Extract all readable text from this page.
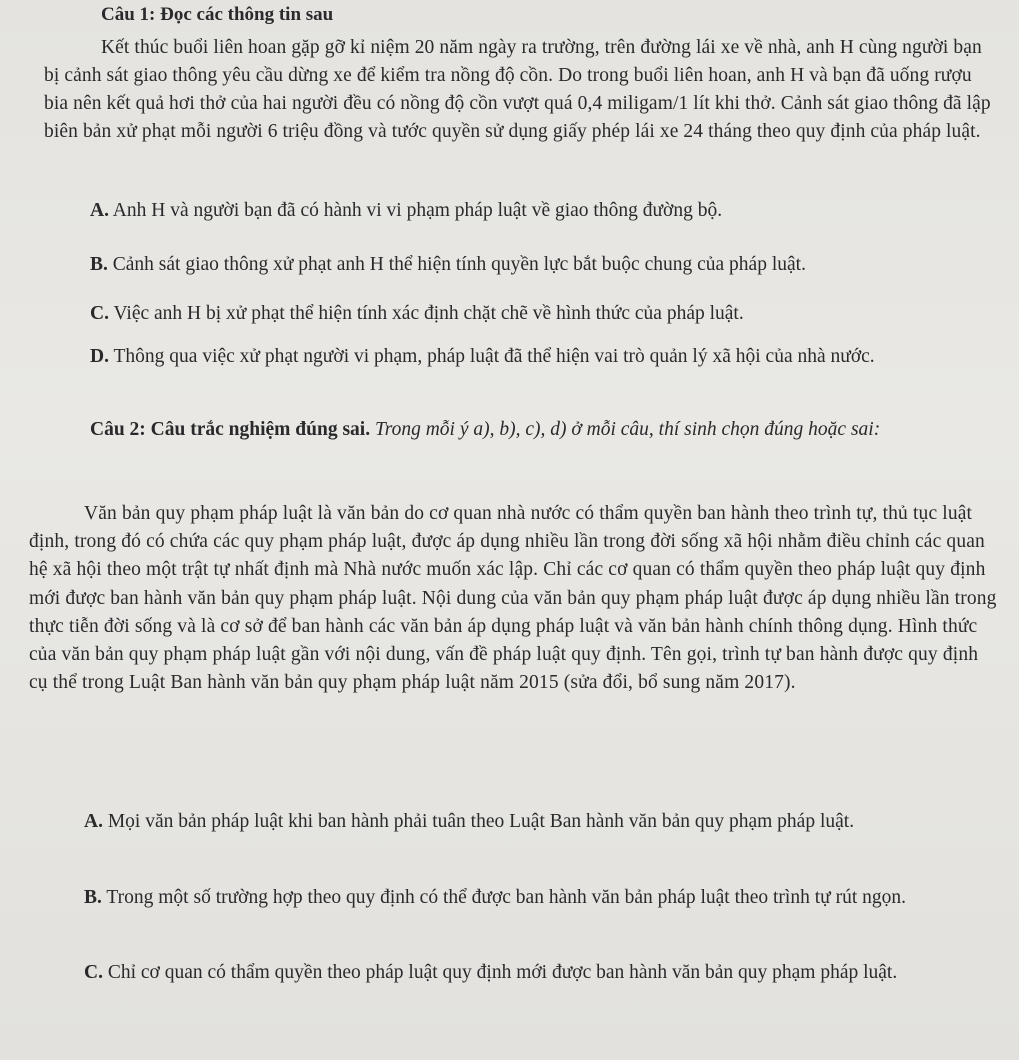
Câu 1: Đọc các thông tin sau

Kết thúc buổi liên hoan gặp gỡ kỉ niệm 20 năm ngày ra trường, trên đường lái xe về nhà, anh H cùng người bạn bị cảnh sát giao thông yêu cầu dừng xe để kiểm tra nồng độ cồn. Do trong buổi liên hoan, anh H và bạn đã uống rượu bia nên kết quả hơi thở của hai người đều có nồng độ cồn vượt quá 0,4 miligam/1 lít khi thở. Cảnh sát giao thông đã lập biên bản xử phạt mỗi người 6 triệu đồng và tước quyền sử dụng giấy phép lái xe 24 tháng theo quy định của pháp luật.

A. Anh H và người bạn đã có hành vi vi phạm pháp luật về giao thông đường bộ.

B. Cảnh sát giao thông xử phạt anh H thể hiện tính quyền lực bắt buộc chung của pháp luật.

C. Việc anh H bị xử phạt thể hiện tính xác định chặt chẽ về hình thức của pháp luật.

D. Thông qua việc xử phạt người vi phạm, pháp luật đã thể hiện vai trò quản lý xã hội của nhà nước.

Câu 2: Câu trắc nghiệm đúng sai. Trong mỗi ý a), b), c), d) ở mỗi câu, thí sinh chọn đúng hoặc sai:

Văn bản quy phạm pháp luật là văn bản do cơ quan nhà nước có thẩm quyền ban hành theo trình tự, thủ tục luật định, trong đó có chứa các quy phạm pháp luật, được áp dụng nhiều lần trong đời sống xã hội nhằm điều chỉnh các quan hệ xã hội theo một trật tự nhất định mà Nhà nước muốn xác lập. Chỉ các cơ quan có thẩm quyền theo pháp luật quy định mới được ban hành văn bản quy phạm pháp luật. Nội dung của văn bản quy phạm pháp luật được áp dụng nhiều lần trong thực tiễn đời sống và là cơ sở để ban hành các văn bản áp dụng pháp luật và văn bản hành chính thông dụng. Hình thức của văn bản quy phạm pháp luật gần với nội dung, vấn đề pháp luật quy định. Tên gọi, trình tự ban hành được quy định cụ thể trong Luật Ban hành văn bản quy phạm pháp luật năm 2015 (sửa đổi, bổ sung năm 2017).

A. Mọi văn bản pháp luật khi ban hành phải tuân theo Luật Ban hành văn bản quy phạm pháp luật.

B. Trong một số trường hợp theo quy định có thể được ban hành văn bản pháp luật theo trình tự rút ngọn.

C. Chỉ cơ quan có thẩm quyền theo pháp luật quy định mới được ban hành văn bản quy phạm pháp luật.
